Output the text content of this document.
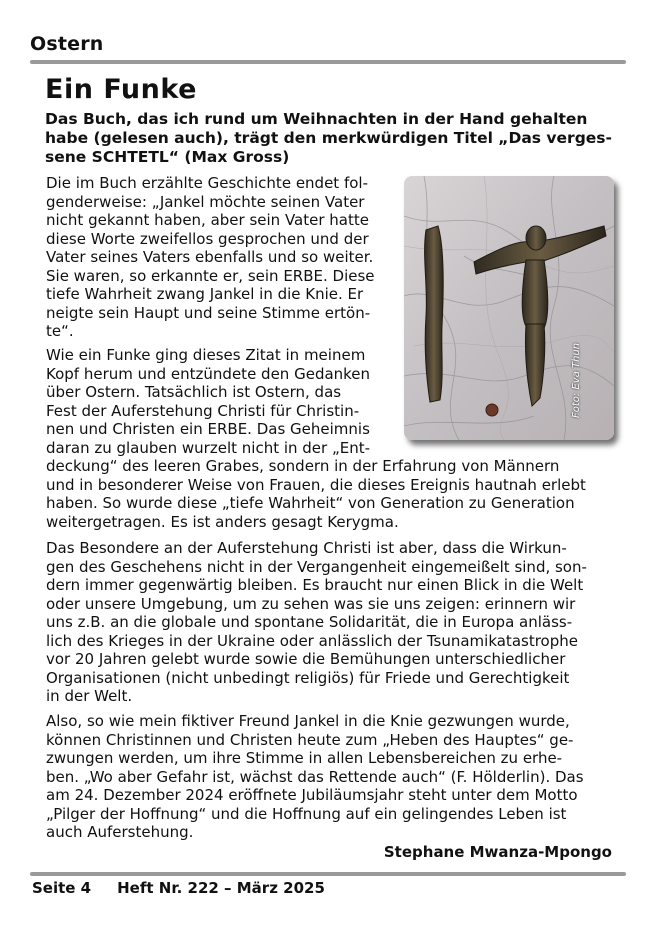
Ostern
Ein Funke
Das Buch, das ich rund um Weihnachten in der Hand gehalten
habe (gelesen auch), trägt den merkwürdigen Titel „Das verges-
sene SCHTETL“ (Max Gross)
Foto: Eva Thun
Die im Buch erzählte Geschichte endet fol-
genderweise: „Jankel möchte seinen Vater
nicht gekannt haben, aber sein Vater hatte
diese Worte zweifellos gesprochen und der
Vater seines Vaters ebenfalls und so weiter.
Sie waren, so erkannte er, sein ERBE. Diese
tiefe Wahrheit zwang Jankel in die Knie. Er
neigte sein Haupt und seine Stimme ertön-
te“.
Wie ein Funke ging dieses Zitat in meinem
Kopf herum und entzündete den Gedanken
über Ostern. Tatsächlich ist Ostern, das
Fest der Auferstehung Christi für Christin-
nen und Christen ein ERBE. Das Geheimnis
daran zu glauben wurzelt nicht in der „Ent-
deckung“ des leeren Grabes, sondern in der Erfahrung von Männern
und in besonderer Weise von Frauen, die dieses Ereignis hautnah erlebt
haben. So wurde diese „tiefe Wahrheit“ von Generation zu Generation
weitergetragen. Es ist anders gesagt Kerygma.
Das Besondere an der Auferstehung Christi ist aber, dass die Wirkun-
gen des Geschehens nicht in der Vergangenheit eingemeißelt sind, son-
dern immer gegenwärtig bleiben. Es braucht nur einen Blick in die Welt
oder unsere Umgebung, um zu sehen was sie uns zeigen: erinnern wir
uns z.B. an die globale und spontane Solidarität, die in Europa anläss-
lich des Krieges in der Ukraine oder anlässlich der Tsunamikatastrophe
vor 20 Jahren gelebt wurde sowie die Bemühungen unterschiedlicher
Organisationen (nicht unbedingt religiös) für Friede und Gerechtigkeit
in der Welt.
Also, so wie mein fiktiver Freund Jankel in die Knie gezwungen wurde,
können Christinnen und Christen heute zum „Heben des Hauptes“ ge-
zwungen werden, um ihre Stimme in allen Lebensbereichen zu erhe-
ben. „Wo aber Gefahr ist, wächst das Rettende auch“ (F. Hölderlin). Das
am 24. Dezember 2024 eröffnete Jubiläumsjahr steht unter dem Motto
„Pilger der Hoffnung“ und die Hoffnung auf ein gelingendes Leben ist
auch Auferstehung.
Stephane Mwanza-Mpongo
Seite 4 Heft Nr. 222 – März 2025
